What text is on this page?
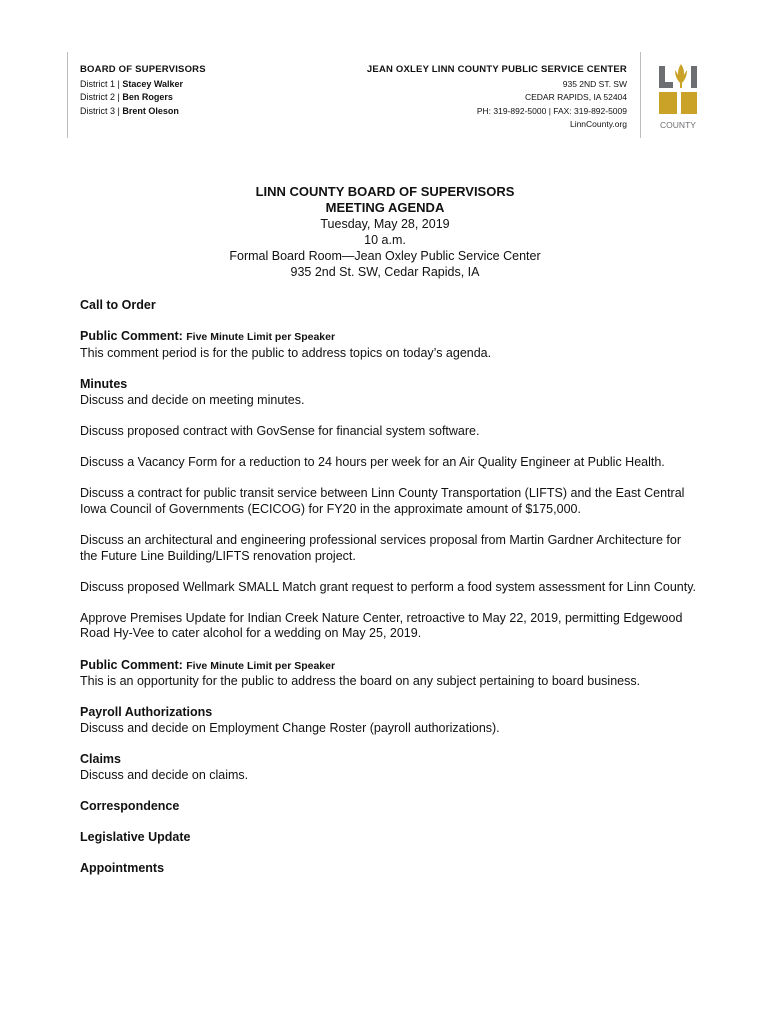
BOARD OF SUPERVISORS
District 1 | Stacey Walker
District 2 | Ben Rogers
District 3 | Brent Oleson
JEAN OXLEY LINN COUNTY PUBLIC SERVICE CENTER
935 2ND ST. SW
CEDAR RAPIDS, IA 52404
PH: 319-892-5000 | FAX: 319-892-5009
LinnCounty.org	COUNTY
LINN COUNTY BOARD OF SUPERVISORS
MEETING AGENDA
Tuesday, May 28, 2019
10 a.m.
Formal Board Room—Jean Oxley Public Service Center
935 2nd St. SW, Cedar Rapids, IA
Call to Order
Public Comment: Five Minute Limit per Speaker
This comment period is for the public to address topics on today’s agenda.
Minutes
Discuss and decide on meeting minutes.
Discuss proposed contract with GovSense for financial system software.
Discuss a Vacancy Form for a reduction to 24 hours per week for an Air Quality Engineer at Public Health.
Discuss a contract for public transit service between Linn County Transportation (LIFTS) and the East Central Iowa Council of Governments (ECICOG) for FY20 in the approximate amount of $175,000.
Discuss an architectural and engineering professional services proposal from Martin Gardner Architecture for the Future Line Building/LIFTS renovation project.
Discuss proposed Wellmark SMALL Match grant request to perform a food system assessment for Linn County.
Approve Premises Update for Indian Creek Nature Center, retroactive to May 22, 2019, permitting Edgewood Road Hy-Vee to cater alcohol for a wedding on May 25, 2019.
Public Comment: Five Minute Limit per Speaker
This is an opportunity for the public to address the board on any subject pertaining to board business.
Payroll Authorizations
Discuss and decide on Employment Change Roster (payroll authorizations).
Claims
Discuss and decide on claims.
Correspondence
Legislative Update
Appointments
